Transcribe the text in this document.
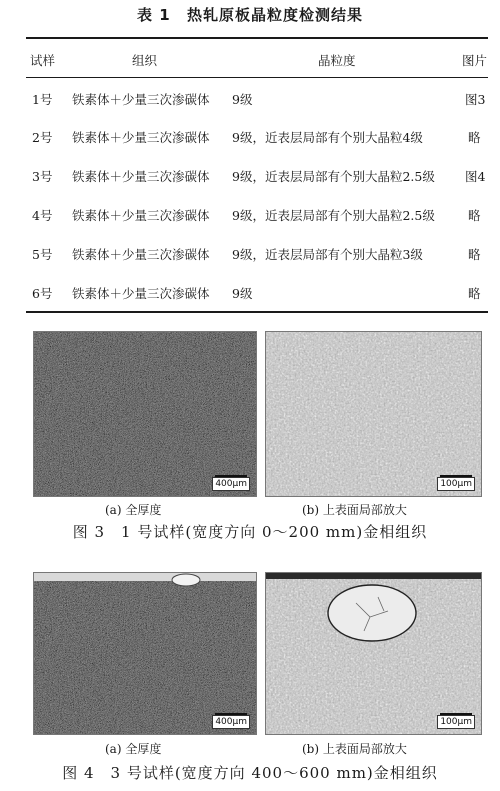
表 1 热轧原板晶粒度检测结果
试样	组织	晶粒度	图片
1号 铁素体＋少量三次渗碳体 9级	图3
2号 铁素体＋少量三次渗碳体 9级，近表层局部有个别大晶粒4级	略
3号 铁素体＋少量三次渗碳体 9级，近表层局部有个别大晶粒2.5级 图4
4号 铁素体＋少量三次渗碳体 9级，近表层局部有个别大晶粒2.5级	略
5号 铁素体＋少量三次渗碳体 9级，近表层局部有个别大晶粒3级	略
6号 铁素体＋少量三次渗碳体 9级	略
400μm	100μm
(a) 全厚度	(b) 上表面局部放大
图 3　1 号试样(宽度方向 0～200 mm)金相组织
400μm	100μm
(a) 全厚度	(b) 上表面局部放大
图 4　3 号试样(宽度方向 400～600 mm)金相组织
